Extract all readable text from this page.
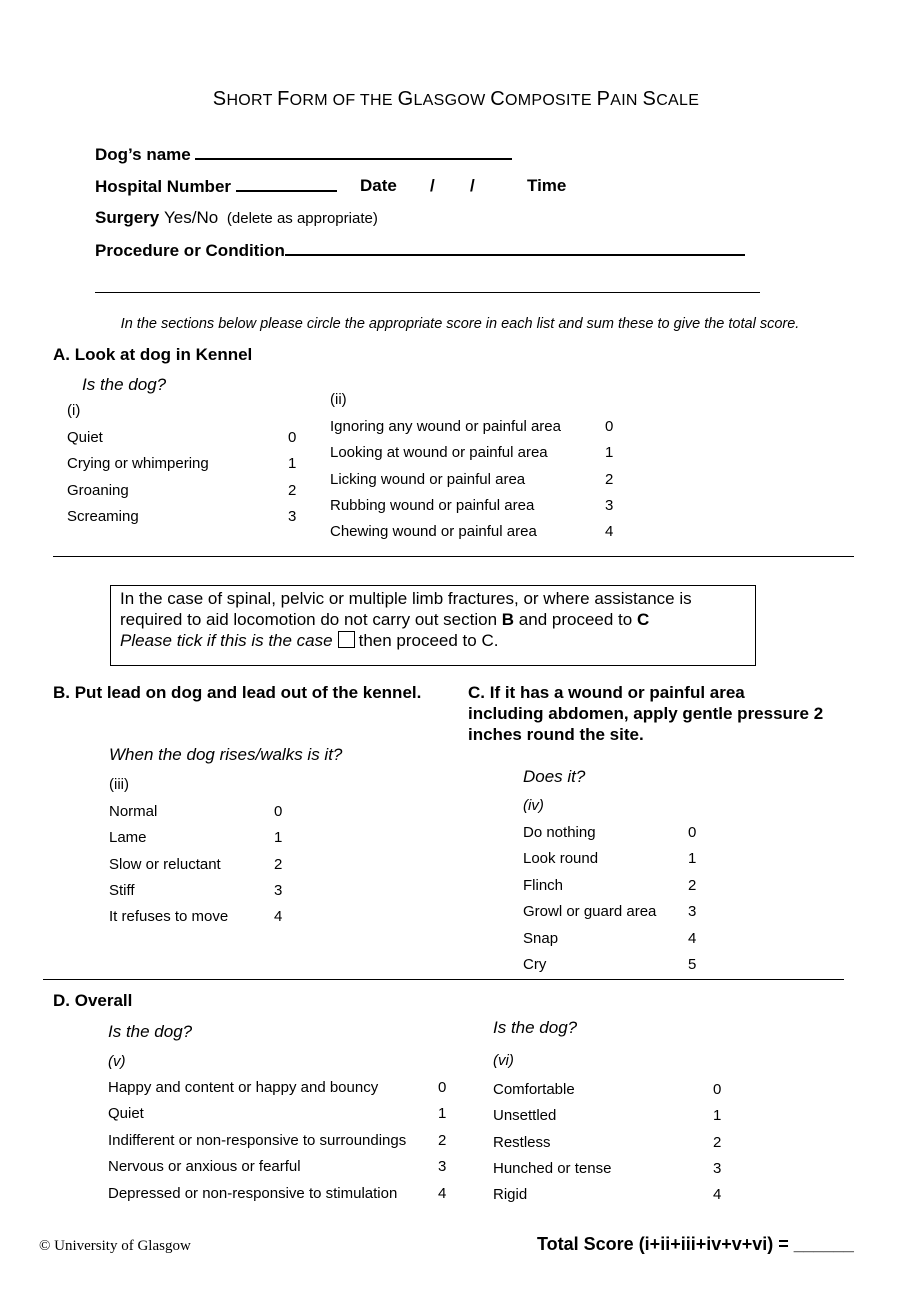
SHORT FORM OF THE GLASGOW COMPOSITE PAIN SCALE
Dog’s name
Hospital Number	Date / /	Time
Surgery Yes/No (delete as appropriate)
Procedure or Condition
In the sections below please circle the appropriate score in each list and sum these to give the total score.
A. Look at dog in Kennel
Is the dog?
(i)
Quiet	0
Crying or whimpering	1
Groaning	2
Screaming	3
(ii)
Ignoring any wound or painful area	0
Looking at wound or painful area	1
Licking wound or painful area	2
Rubbing wound or painful area	3
Chewing wound or painful area	4

In the case of spinal, pelvic or multiple limb fractures, or where assistance is

required to aid locomotion do not carry out section B and proceed to C

Please tick if this is the case then proceed to C.

B. Put lead on dog and lead out of the kennel.
When the dog rises/walks is it?
(iii)
Normal	0
Lame	1
Slow or reluctant	2
Stiff	3
It refuses to move	4
C. If it has a wound or painful area
including abdomen, apply gentle pressure 2
inches round the site.
Does it?
(iv)
Do nothing	0
Look round	1
Flinch	2
Growl or guard area 3
Snap	4
Cry	5
D. Overall
Is the dog?
(v)
Happy and content or happy and bouncy	0
Quiet	1
Indifferent or non-responsive to surroundings 2
Nervous or anxious or fearful	3
Depressed or non-responsive to stimulation	4
Is the dog?
(vi)
Comfortable	0
Unsettled	1
Restless	2
Hunched or tense	3
Rigid	4
© University of Glasgow	Total Score (i+ii+iii+iv+v+vi) = ______
